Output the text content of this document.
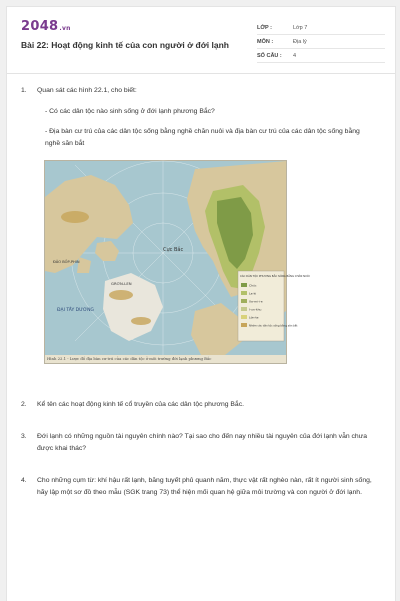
2048.vn
Bài 22: Hoạt động kinh tế của con người ở đới lạnh
LỚP :	Lớp 7
MÔN :	Địa lý
SỐ CÂU :	4
1. Quan sát các hình 22.1, cho biết:
- Có các dân tộc nào sinh sống ở đới lạnh phương Bắc?
- Địa bàn cư trú của các dân tộc sống bằng nghề chăn nuôi và địa bàn cư trú của các dân tộc sống bằng nghề săn bắt
Cực Bắc
ĐẠI TÂY DƯƠNG
GRƠN-LEN
ĐẢO BỐP-PHIN
CÁC DÂN TỘC PHƯƠNG BẮC SỐNG BẰNG CHĂN NUÔI
Chúc
La-ki
Xa-mi-i-e
I-un-khu
Lớn-te
Nhớm các dân tộc sống bằng săn bắt
Hình 22.1 - Lược đồ địa bàn cư trú của các dân tộc ở môi trường đới lạnh phương Bắc
2. Kể tên các hoạt động kinh tế cổ truyền của các dân tộc phương Bắc.
3. Đới lạnh có những nguồn tài nguyên chính nào? Tại sao cho đến nay nhiều tài nguyên của đới lạnh vẫn chưa được khai thác?
4. Cho những cụm từ: khí hậu rất lạnh, băng tuyết phủ quanh năm, thực vật rất nghèo nàn, rất ít người sinh sống, hãy lập một sơ đồ theo mẫu (SGK trang 73) thể hiện mối quan hệ giữa môi trường và con người ở đới lạnh.
